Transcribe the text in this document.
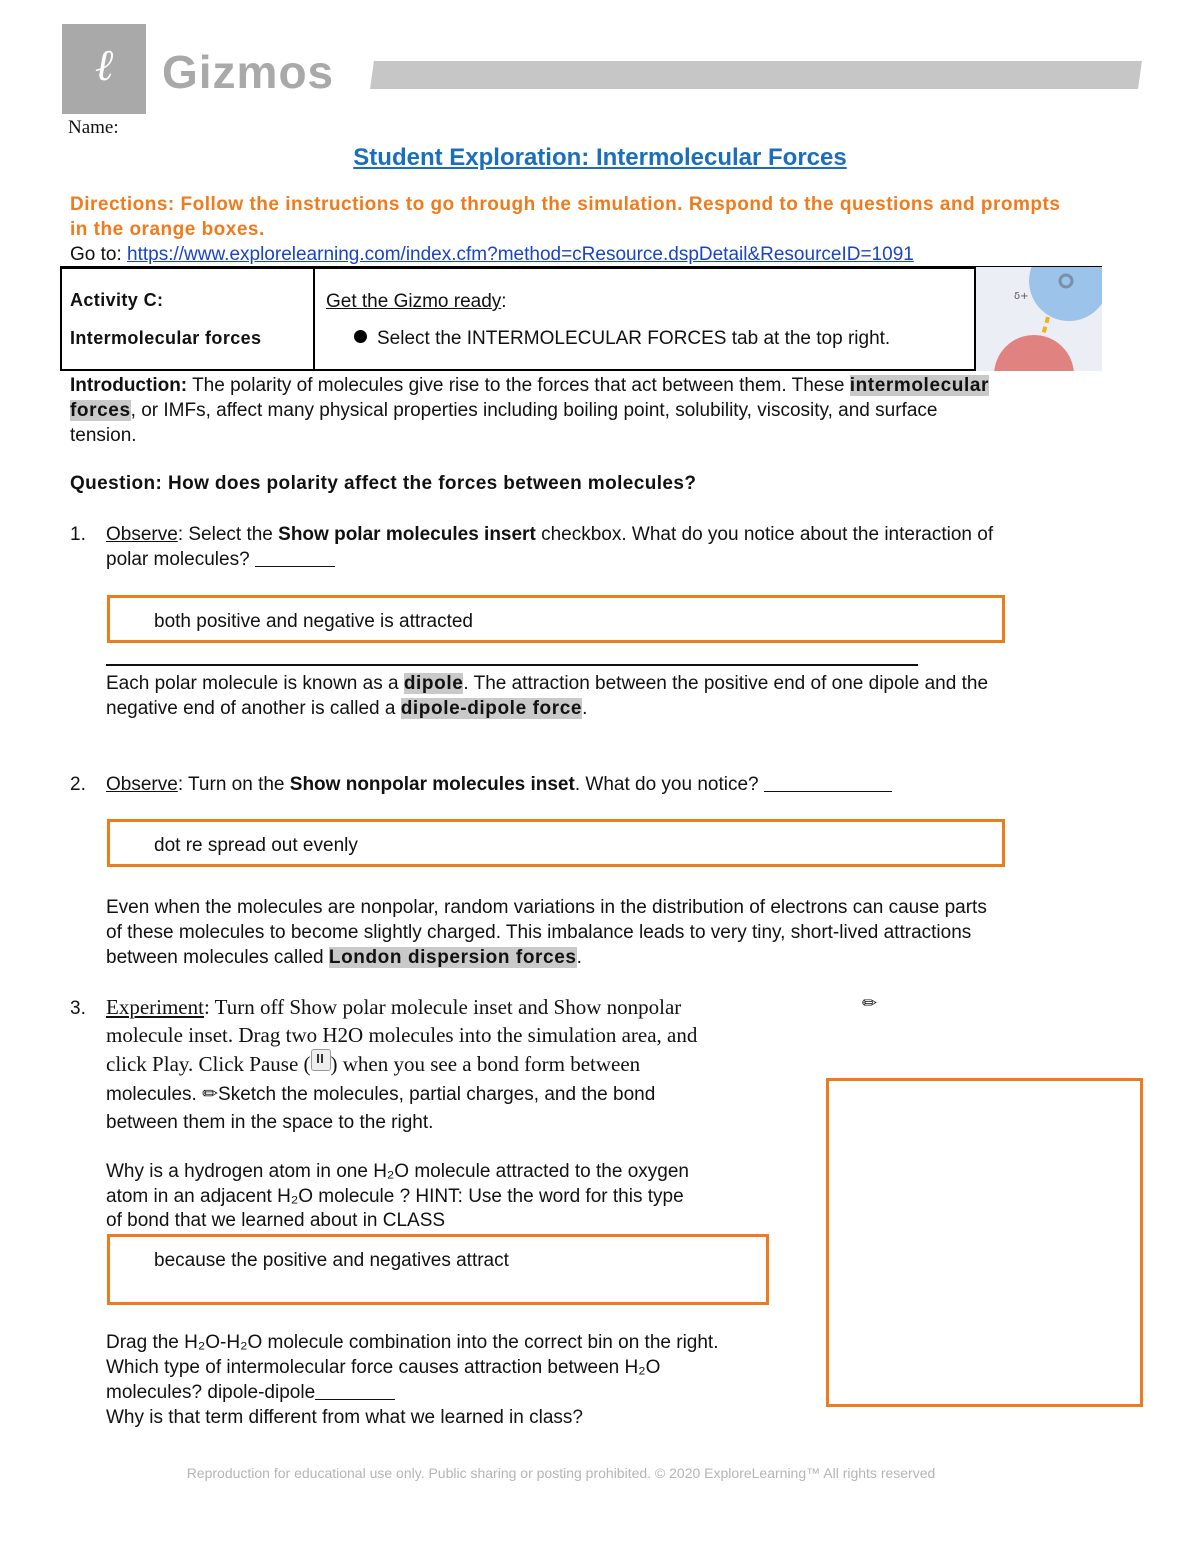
ℓ	Gizmos
Name:
Student Exploration: Intermolecular Forces
Directions: Follow the instructions to go through the simulation. Respond to the questions and prompts in the orange boxes.
Go to: https://www.explorelearning.com/index.cfm?method=cResource.dspDetail&ResourceID=1091
Activity C:
Intermolecular forces
Get the Gizmo ready:
Select the INTERMOLECULAR FORCES tab at the top right.
δ+
Introduction: The polarity of molecules give rise to the forces that act between them. These intermolecular
forces, or IMFs, affect many physical properties including boiling point, solubility, viscosity, and surface
tension.
Question: How does polarity affect the forces between molecules?
1. Observe: Select the Show polar molecules insert checkbox. What do you notice about the interaction of
polar molecules?
both positive and negative is attracted
Each polar molecule is known as a dipole. The attraction between the positive end of one dipole and the
negative end of another is called a dipole-dipole force.
2. Observe: Turn on the Show nonpolar molecules inset. What do you notice?
dot re spread out evenly
Even when the molecules are nonpolar, random variations in the distribution of electrons can cause parts
of these molecules to become slightly charged. This imbalance leads to very tiny, short-lived attractions
between molecules called London dispersion forces.
3. Experiment: Turn off Show polar molecule inset and Show nonpolar
molecule inset. Drag two H2O molecules into the simulation area, and
click Play. Click Pause ( ) when you see a bond form between
molecules. ✏Sketch the molecules, partial charges, and the bond
between them in the space to the right.
✏
Why is a hydrogen atom in one H₂O molecule attracted to the oxygen
atom in an adjacent H₂O molecule ? HINT: Use the word for this type
of bond that we learned about in CLASS
because the positive and negatives attract
Drag the H₂O-H₂O molecule combination into the correct bin on the right.
Which type of intermolecular force causes attraction between H₂O
molecules? dipole-dipole
Why is that term different from what we learned in class?
Reproduction for educational use only. Public sharing or posting prohibited. © 2020 ExploreLearning™ All rights reserved
